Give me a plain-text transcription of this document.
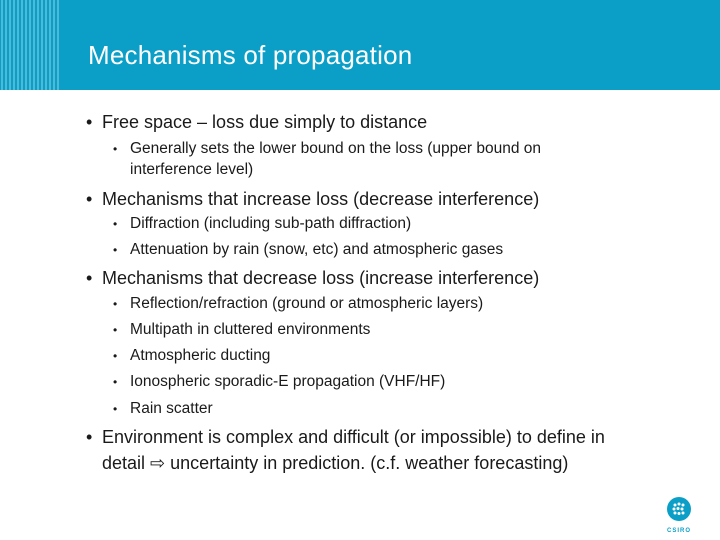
Mechanisms of propagation
• Free space – loss due simply to distance
• Generally sets the lower bound on the loss (upper bound on
interference level)
• Mechanisms that increase loss (decrease interference)
• Diffraction (including sub-path diffraction)
• Attenuation by rain (snow, etc) and atmospheric gases
• Mechanisms that decrease loss (increase interference)
• Reflection/refraction (ground or atmospheric layers)
• Multipath in cluttered environments
• Atmospheric ducting
• Ionospheric sporadic-E propagation (VHF/HF)
• Rain scatter
• Environment is complex and difficult (or impossible) to define in
detail ⇨ uncertainty in prediction. (c.f. weather forecasting)
CSIRO
